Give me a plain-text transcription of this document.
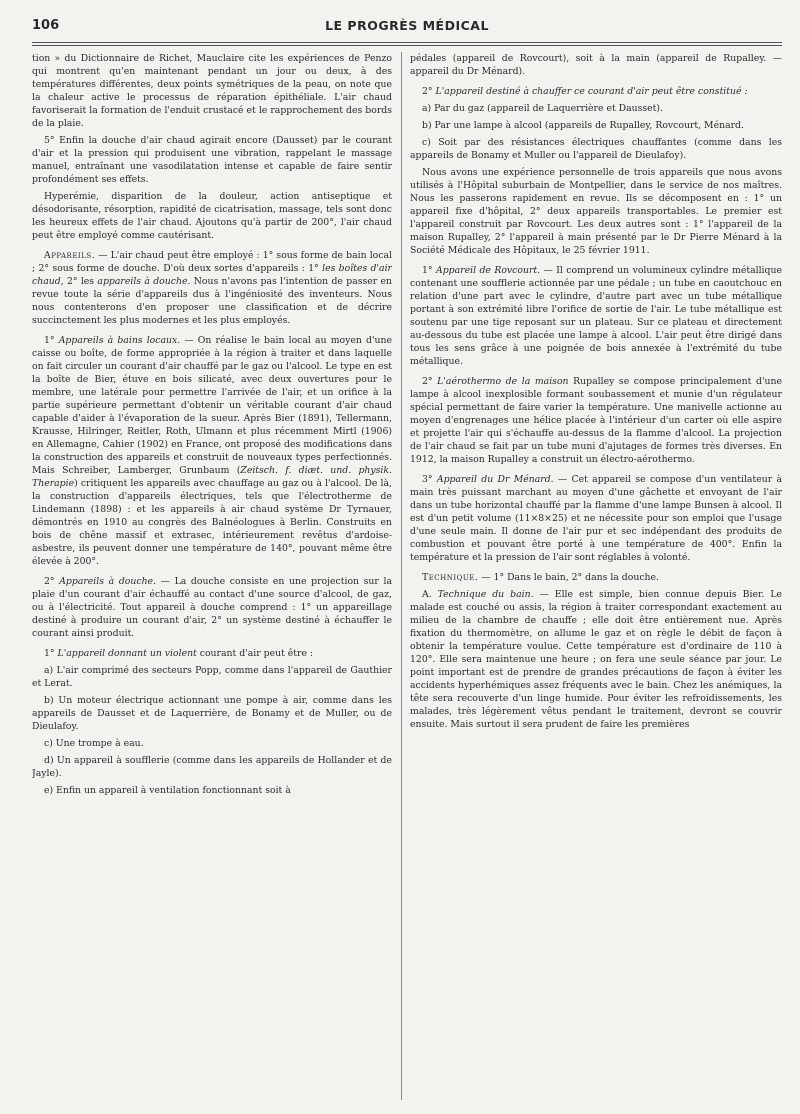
106	LE PROGRÈS MÉDICAL

tion » du Dictionnaire de Richet, Mauclaire cite les expériences de Penzo qui montrent qu'en maintenant pendant un jour ou deux, à des températures différentes, deux points symétriques de la peau, on note que la chaleur active le processus de réparation épithéliale. L'air chaud favoriserait la formation de l'enduit crustacé et le rapprochement des bords de la plaie.

5° Enfin la douche d'air chaud agirait encore (Dausset) par le courant d'air et la pression qui produisent une vibration, rappelant le massage manuel, entraînant une vasodilatation intense et capable de faire sentir profondément ses effets.

Hyperémie, disparition de la douleur, action antiseptique et désodorisante, résorption, rapidité de cicatrisation, massage, tels sont donc les heureux effets de l'air chaud. Ajoutons qu'à partir de 200°, l'air chaud peut être employé comme cautérisant.

Appareils. — L'air chaud peut être employé : 1° sous forme de bain local ; 2° sous forme de douche. D'où deux sortes d'appareils : 1° les boîtes d'air chaud, 2° les appareils à douche. Nous n'avons pas l'intention de passer en revue toute la série d'appareils dus à l'ingéniosité des inventeurs. Nous nous contenterons d'en proposer une classification et de décrire succinctement les plus modernes et les plus employés.

1° Appareils à bains locaux. — On réalise le bain local au moyen d'une caisse ou boîte, de forme appropriée à la région à traiter et dans laquelle on fait circuler un courant d'air chauffé par le gaz ou l'alcool. Le type en est la boîte de Bier, étuve en bois silicaté, avec deux ouvertures pour le membre, une latérale pour permettre l'arrivée de l'air, et un orifice à la partie supérieure permettant d'obtenir un véritable courant d'air chaud capable d'aider à l'évaporation de la sueur. Après Bier (1891), Tellermann, Krausse, Hilringer, Reitler, Roth, Ulmann et plus récemment Mirtl (1906) en Allemagne, Cahier (1902) en France, ont proposé des modifications dans la construction des appareils et construit de nouveaux types perfectionnés. Mais Schreiber, Lamberger, Grunbaum (Zeitsch. f. diæt. und. physik. Therapie) critiquent les appareils avec chauffage au gaz ou à l'alcool. De là, la construction d'appareils électriques, tels que l'électrotherme de Lindemann (1898) : et les appareils à air chaud système Dr Tyrnauer, démontrés en 1910 au congrès des Balnéologues à Berlin. Construits en bois de chêne massif et extrasec, intérieurement revêtus d'ardoise-asbestre, ils peuvent donner une température de 140°, pouvant même être élevée à 200°.

2° Appareils à douche. — La douche consiste en une projection sur la plaie d'un courant d'air échauffé au contact d'une source d'alcool, de gaz, ou à l'électricité. Tout appareil à douche comprend : 1° un appareillage destiné à produire un courant d'air, 2° un système destiné à échauffer le courant ainsi produit.

1° L'appareil donnant un violent courant d'air peut être :

a) L'air comprimé des secteurs Popp, comme dans l'appareil de Gauthier et Lerat.

b) Un moteur électrique actionnant une pompe à air, comme dans les appareils de Dausset et de Laquerrière, de Bonamy et de Muller, ou de Dieulafoy.

c) Une trompe à eau.

d) Un appareil à soufflerie (comme dans les appareils de Hollander et de Jayle).

e) Enfin un appareil à ventilation fonctionnant soit à

pédales (appareil de Rovcourt), soit à la main (appareil de Rupalley. — appareil du Dr Ménard).

2° L'appareil destiné à chauffer ce courant d'air peut être constitué :

a) Par du gaz (appareil de Laquerrière et Dausset).

b) Par une lampe à alcool (appareils de Rupalley, Rovcourt, Ménard.

c) Soit par des résistances électriques chauffantes (comme dans les appareils de Bonamy et Muller ou l'appareil de Dieulafoy).

Nous avons une expérience personnelle de trois appareils que nous avons utilisés à l'Hôpital suburbain de Montpellier, dans le service de nos maîtres. Nous les passerons rapidement en revue. Ils se décomposent en : 1° un appareil fixe d'hôpital, 2° deux appareils transportables. Le premier est l'appareil construit par Rovcourt. Les deux autres sont : 1° l'appareil de la maison Rupalley, 2° l'appareil à main présenté par le Dr Pierre Ménard à la Société Médicale des Hôpitaux, le 25 février 1911.

1° Appareil de Rovcourt. — Il comprend un volumineux cylindre métallique contenant une soufflerie actionnée par une pédale ; un tube en caoutchouc en relation d'une part avec le cylindre, d'autre part avec un tube métallique portant à son extrémité libre l'orifice de sortie de l'air. Le tube métallique est soutenu par une tige reposant sur un plateau. Sur ce plateau et directement au-dessous du tube est placée une lampe à alcool. L'air peut être dirigé dans tous les sens grâce à une poignée de bois annexée à l'extrémité du tube métallique.

2° L'aérothermo de la maison Rupalley se compose principalement d'une lampe à alcool inexplosible formant soubassement et munie d'un régulateur spécial permettant de faire varier la température. Une manivelle actionne au moyen d'engrenages une hélice placée à l'intérieur d'un carter où elle aspire et projette l'air qui s'échauffe au-dessus de la flamme d'alcool. La projection de l'air chaud se fait par un tube muni d'ajutages de formes très diverses. En 1912, la maison Rupalley a construit un électro-aérothermo.

3° Appareil du Dr Ménard. — Cet appareil se compose d'un ventilateur à main très puissant marchant au moyen d'une gâchette et envoyant de l'air dans un tube horizontal chauffé par la flamme d'une lampe Bunsen à alcool. Il est d'un petit volume (11×8×25) et ne nécessite pour son emploi que l'usage d'une seule main. Il donne de l'air pur et sec indépendant des produits de combustion et pouvant être porté à une température de 400°. Enfin la température et la pression de l'air sont réglables à volonté.

Technique. — 1° Dans le bain, 2° dans la douche.

A. Technique du bain. — Elle est simple, bien connue depuis Bier. Le malade est couché ou assis, la région à traiter correspondant exactement au milieu de la chambre de chauffe ; elle doit être entièrement nue. Après fixation du thermomètre, on allume le gaz et on règle le débit de façon à obtenir la température voulue. Cette température est d'ordinaire de 110 à 120°. Elle sera maintenue une heure ; on fera une seule séance par jour. Le point important est de prendre de grandes précautions de façon à éviter les accidents hyperhémiques assez fréquents avec le bain. Chez les anémiques, la tête sera recouverte d'un linge humide. Pour éviter les refroidissements, les malades, très légèrement vêtus pendant le traitement, devront se couvrir ensuite. Mais surtout il sera prudent de faire les premières
